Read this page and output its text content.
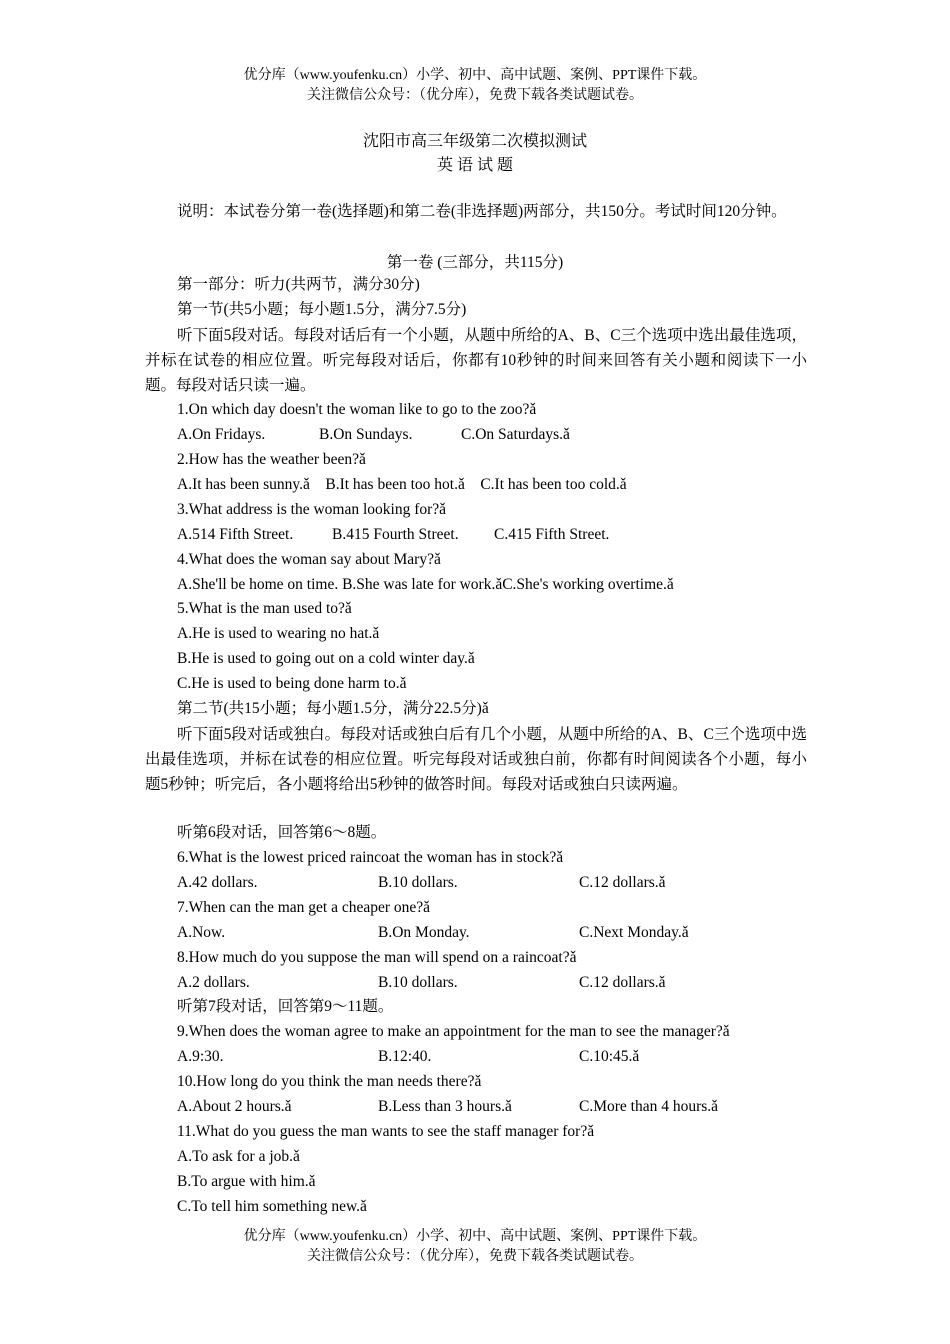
优分库（www.youfenku.cn）小学、初中、高中试题、案例、PPT课件下载。
关注微信公众号：（优分库），免费下载各类试题试卷。
沈阳市高三年级第二次模拟测试
英 语 试 题
说明：本试卷分第一卷(选择题)和第二卷(非选择题)两部分，共150分。考试时间120分钟。
第一卷 (三部分，共115分)
第一部分：听力(共两节，满分30分)
第一节(共5小题；每小题1.5分，满分7.5分)
听下面5段对话。每段对话后有一个小题，从题中所给的A、B、C三个选项中选出最佳选项，并标在试卷的相应位置。听完每段对话后，你都有10秒钟的时间来回答有关小题和阅读下一小题。每段对话只读一遍。
1.On which day doesn't the woman like to go to the zoo?ǎ
A.On Fridays.	B.On Sundays.	C.On Saturdays.ǎ
2.How has the weather been?ǎ
A.It has been sunny.ǎ    B.It has been too hot.ǎ    C.It has been too cold.ǎ
3.What address is the woman looking for?ǎ
A.514 Fifth Street.	B.415 Fourth Street. C.415 Fifth Street.
4.What does the woman say about Mary?ǎ
A.She'll be home on time. B.She was late for work.ǎC.She's working overtime.ǎ
5.What is the man used to?ǎ
A.He is used to wearing no hat.ǎ
B.He is used to going out on a cold winter day.ǎ
C.He is used to being done harm to.ǎ
第二节(共15小题；每小题1.5分，满分22.5分)ǎ
听下面5段对话或独白。每段对话或独白后有几个小题，从题中所给的A、B、C三个选项中选出最佳选项，并标在试卷的相应位置。听完每段对话或独白前，你都有时间阅读各个小题，每小题5秒钟；听完后，各小题将给出5秒钟的做答时间。每段对话或独白只读两遍。
听第6段对话，回答第6～8题。
6.What is the lowest priced raincoat the woman has in stock?ǎ
A.42 dollars.	B.10 dollars.	C.12 dollars.ǎ
7.When can the man get a cheaper one?ǎ
A.Now.	B.On Monday.	C.Next Monday.ǎ
8.How much do you suppose the man will spend on a raincoat?ǎ
A.2 dollars.	B.10 dollars.	C.12 dollars.ǎ
听第7段对话，回答第9～11题。
9.When does the woman agree to make an appointment for the man to see the manager?ǎ
A.9:30.	B.12:40.	C.10:45.ǎ
10.How long do you think the man needs there?ǎ
A.About 2 hours.ǎ	B.Less than 3 hours.ǎ	C.More than 4 hours.ǎ
11.What do you guess the man wants to see the staff manager for?ǎ
A.To ask for a job.ǎ
B.To argue with him.ǎ
C.To tell him something new.ǎ
优分库（www.youfenku.cn）小学、初中、高中试题、案例、PPT课件下载。
关注微信公众号：（优分库），免费下载各类试题试卷。
